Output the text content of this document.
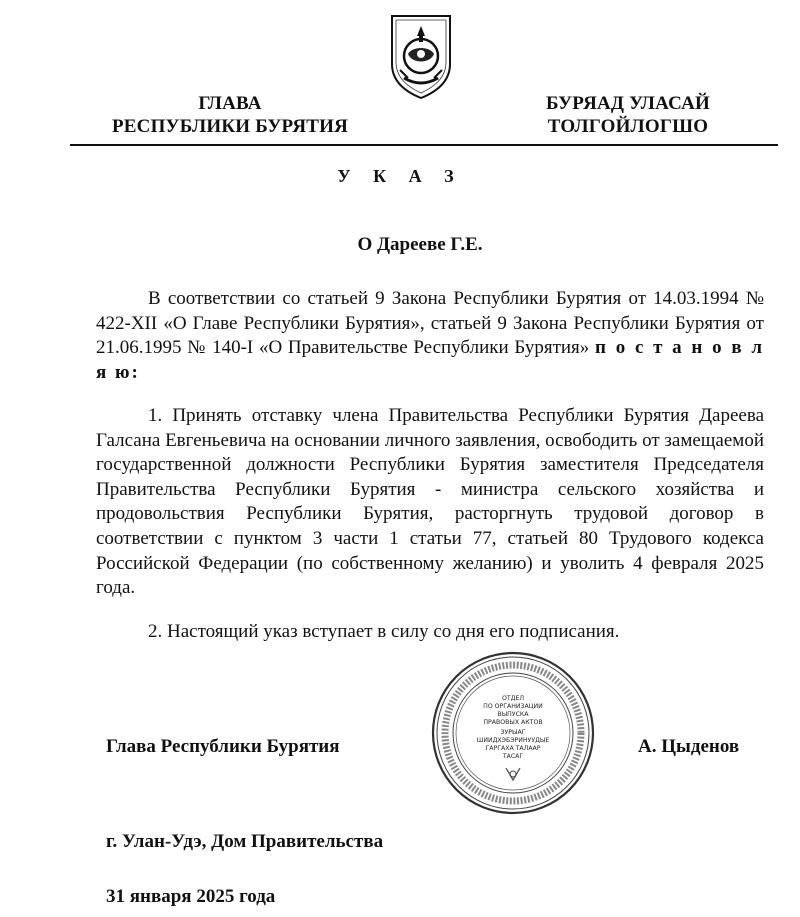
ГЛАВА
РЕСПУБЛИКИ БУРЯТИЯ
БУРЯАД УЛАСАЙ
ТОЛГОЙЛОГШО
У К А З
О Дарееве Г.Е.
В соответствии со статьей 9 Закона Республики Бурятия от 14.03.1994 № 422-XII «О Главе Республики Бурятия», статьей 9 Закона Республики Бурятия от 21.06.1995 № 140-I «О Правительстве Республики Бурятия» п о с т а н о в л я ю:
1. Принять отставку члена Правительства Республики Бурятия Дареева Галсана Евгеньевича на основании личного заявления, освободить от замещаемой государственной должности Республики Бурятия заместителя Председателя Правительства Республики Бурятия - министра сельского хозяйства и продовольствия Республики Бурятия, расторгнуть трудовой договор в соответствии с пунктом 3 части 1 статьи 77, статьей 80 Трудового кодекса Российской Федерации (по собственному желанию) и уволить 4 февраля 2025 года.
2. Настоящий указ вступает в силу со дня его подписания.
Глава Республики Бурятия	А. Цыденов
ОТДЕЛ
ПО ОРГАНИЗАЦИИ
ВЫПУСКА
ПРАВОВЫХ АКТОВ
ЗУРЫАГ
ШИИДХЭБЭРИНУУДЫЕ
ГАРГАХА ТАЛААР
ТАСАГ
г. Улан-Удэ, Дом Правительства
31 января 2025 года
